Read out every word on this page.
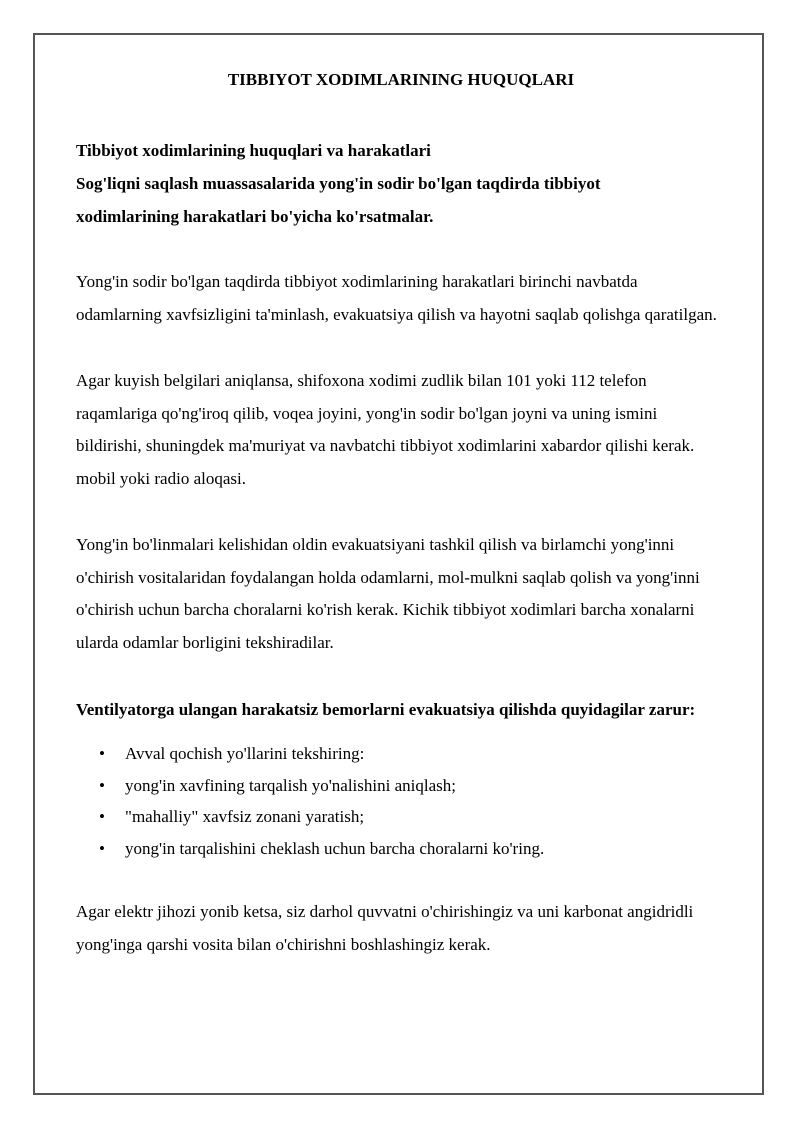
TIBBIYOT XODIMLARINING HUQUQLARI
Tibbiyot xodimlarining huquqlari va harakatlari
Sog'liqni saqlash muassasalarida yong'in sodir bo'lgan taqdirda tibbiyot
xodimlarining harakatlari bo'yicha ko'rsatmalar.

Yong'in sodir bo'lgan taqdirda tibbiyot xodimlarining harakatlari birinchi navbatda odamlarning xavfsizligini ta'minlash, evakuatsiya qilish va hayotni saqlab qolishga qaratilgan.

Agar kuyish belgilari aniqlansa, shifoxona xodimi zudlik bilan 101 yoki 112 telefon raqamlariga qo'ng'iroq qilib, voqea joyini, yong'in sodir bo'lgan joyni va uning ismini bildirishi, shuningdek ma'muriyat va navbatchi tibbiyot xodimlarini xabardor qilishi kerak. mobil yoki radio aloqasi.

Yong'in bo'linmalari kelishidan oldin evakuatsiyani tashkil qilish va birlamchi yong'inni o'chirish vositalaridan foydalangan holda odamlarni, mol-mulkni saqlab qolish va yong'inni o'chirish uchun barcha choralarni ko'rish kerak. Kichik tibbiyot xodimlari barcha xonalarni ularda odamlar borligini tekshiradilar.

Ventilyatorga ulangan harakatsiz bemorlarni evakuatsiya qilishda quyidagilar zarur:

• Avval qochish yo'llarini tekshiring:
• yong'in xavfining tarqalish yo'nalishini aniqlash;
• "mahalliy" xavfsiz zonani yaratish;
• yong'in tarqalishini cheklash uchun barcha choralarni ko'ring.

Agar elektr jihozi yonib ketsa, siz darhol quvvatni o'chirishingiz va uni karbonat angidridli yong'inga qarshi vosita bilan o'chirishni boshlashingiz kerak.
